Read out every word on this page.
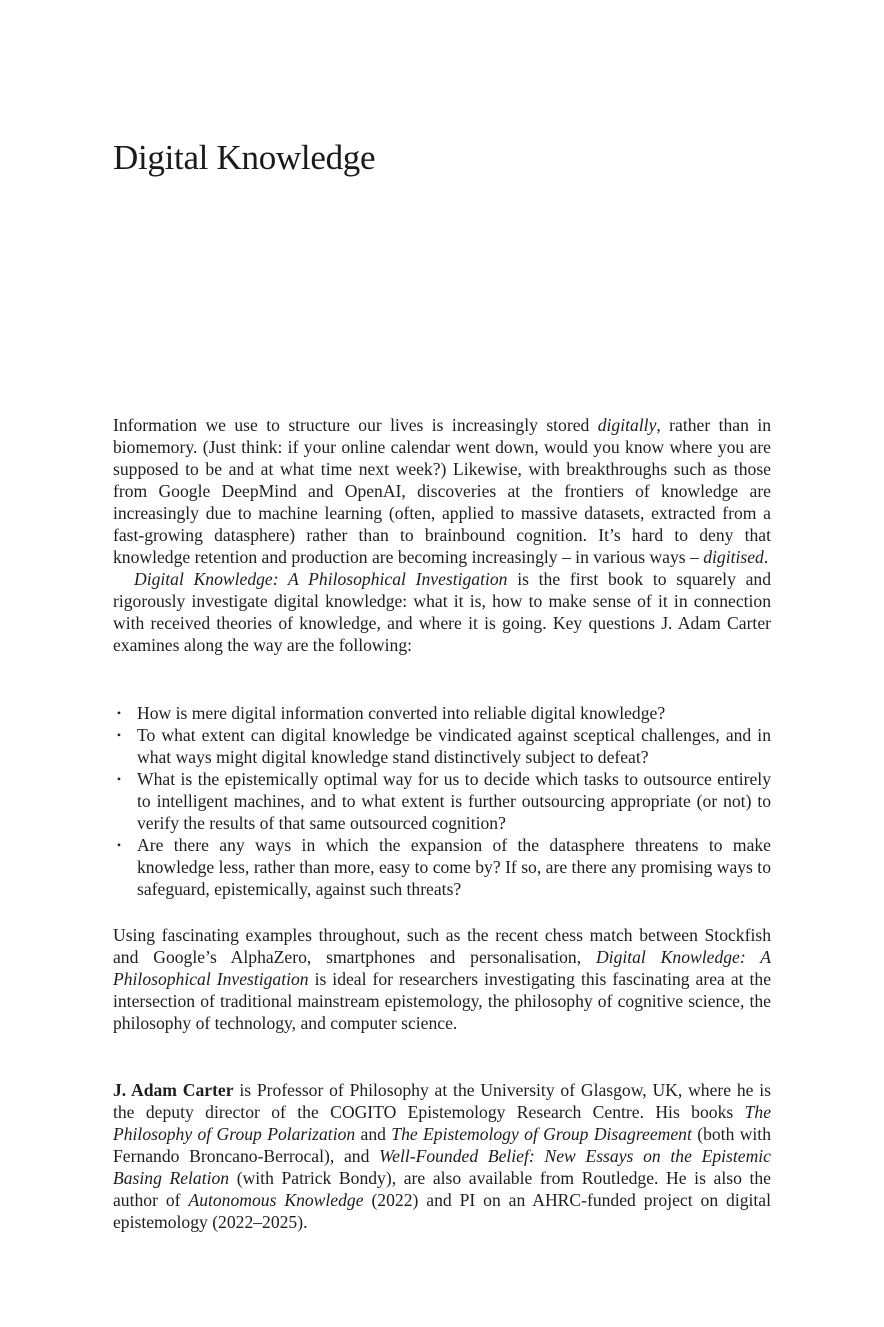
Digital Knowledge

Information we use to structure our lives is increasingly stored digitally, rather than in biomemory. (Just think: if your online calendar went down, would you know where you are supposed to be and at what time next week?) Likewise, with breakthroughs such as those from Google DeepMind and OpenAI, discoveries at the frontiers of knowledge are increasingly due to machine learning (often, applied to massive datasets, extracted from a fast-growing datasphere) rather than to brainbound cognition. It’s hard to deny that knowledge retention and production are becoming increasingly – in various ways – digitised.

Digital Knowledge: A Philosophical Investigation is the first book to squarely and rigorously investigate digital knowledge: what it is, how to make sense of it in connection with received theories of knowledge, and where it is going. Key questions J. Adam Carter examines along the way are the following:

• How is mere digital information converted into reliable digital knowledge?
• To what extent can digital knowledge be vindicated against sceptical challenges, and in what ways might digital knowledge stand distinctively subject to defeat?
• What is the epistemically optimal way for us to decide which tasks to outsource entirely to intelligent machines, and to what extent is further outsourcing appropriate (or not) to verify the results of that same outsourced cognition?
• Are there any ways in which the expansion of the datasphere threatens to make knowledge less, rather than more, easy to come by? If so, are there any promising ways to safeguard, epistemically, against such threats?

Using fascinating examples throughout, such as the recent chess match between Stockfish and Google’s AlphaZero, smartphones and personalisation, Digital Knowledge: A Philosophical Investigation is ideal for researchers investigating this fascinating area at the intersection of traditional mainstream epistemology, the philosophy of cognitive science, the philosophy of technology, and computer science.

J. Adam Carter is Professor of Philosophy at the University of Glasgow, UK, where he is the deputy director of the COGITO Epistemology Research Centre. His books The Philosophy of Group Polarization and The Epistemology of Group Disagreement (both with Fernando Broncano-Berrocal), and Well-Founded Belief: New Essays on the Epistemic Basing Relation (with Patrick Bondy), are also available from Routledge. He is also the author of Autonomous Knowledge (2022) and PI on an AHRC-funded project on digital epistemology (2022–2025).
